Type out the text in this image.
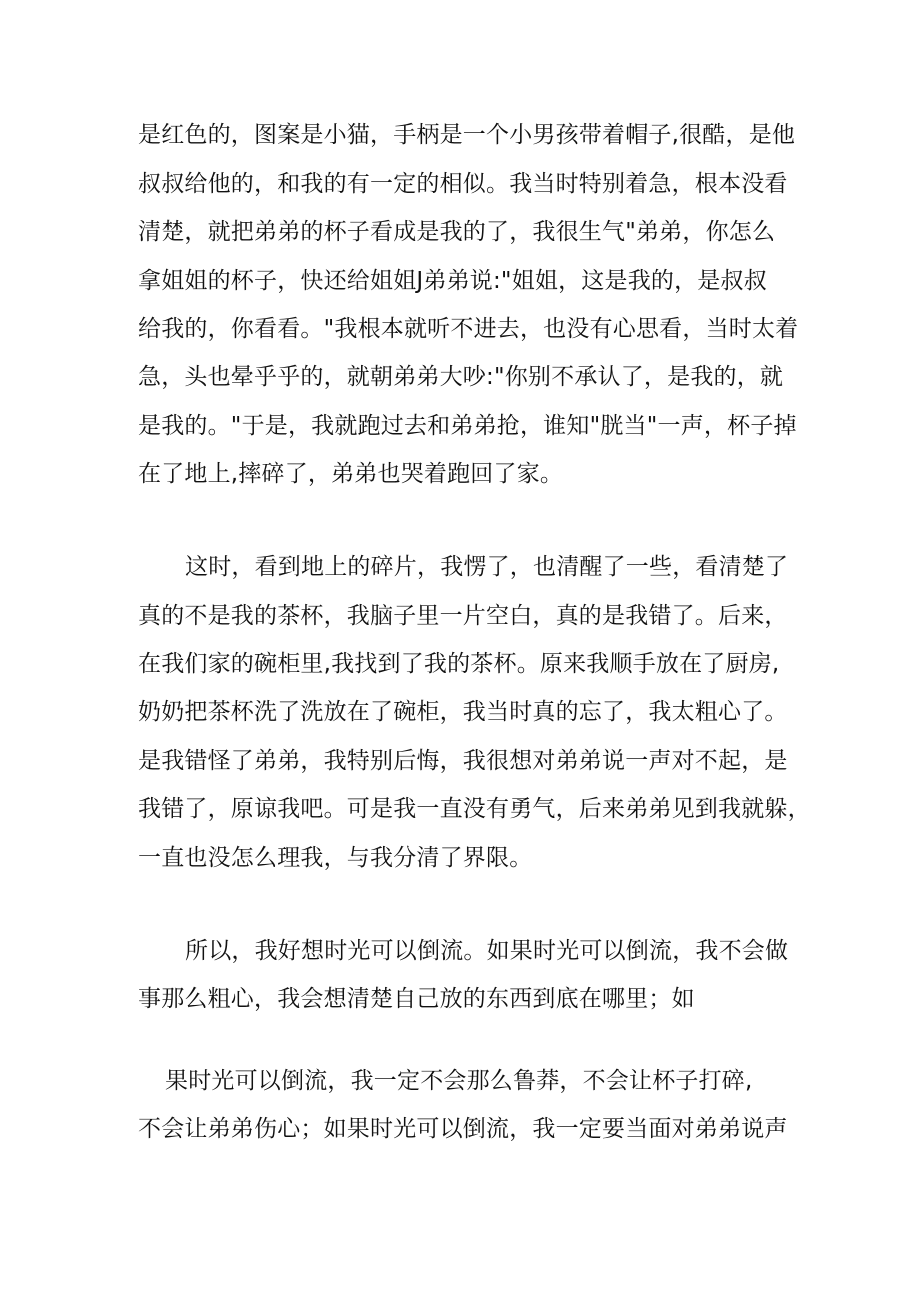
是红色的，图案是小猫，手柄是一个小男孩带着帽子,很酷，是他
叔叔给他的，和我的有一定的相似。我当时特别着急，根本没看
清楚，就把弟弟的杯子看成是我的了，我很生气"弟弟，你怎么
拿姐姐的杯子，快还给姐姐J弟弟说:"姐姐，这是我的，是叔叔
给我的，你看看。"我根本就听不进去，也没有心思看，当时太着
急，头也晕乎乎的，就朝弟弟大吵:"你别不承认了，是我的，就
是我的。"于是，我就跑过去和弟弟抢，谁知"胱当"一声，杯子掉
在了地上,摔碎了，弟弟也哭着跑回了家。
这时，看到地上的碎片，我愣了，也清醒了一些，看清楚了
真的不是我的茶杯，我脑子里一片空白，真的是我错了。后来，
在我们家的碗柜里,我找到了我的茶杯。原来我顺手放在了厨房,
奶奶把茶杯洗了洗放在了碗柜，我当时真的忘了，我太粗心了。
是我错怪了弟弟，我特别后悔，我很想对弟弟说一声对不起，是
我错了，原谅我吧。可是我一直没有勇气，后来弟弟见到我就躲，
一直也没怎么理我，与我分清了界限。
所以，我好想时光可以倒流。如果时光可以倒流，我不会做
事那么粗心，我会想清楚自己放的东西到底在哪里；如
果时光可以倒流，我一定不会那么鲁莽，不会让杯子打碎,
不会让弟弟伤心；如果时光可以倒流，我一定要当面对弟弟说声
